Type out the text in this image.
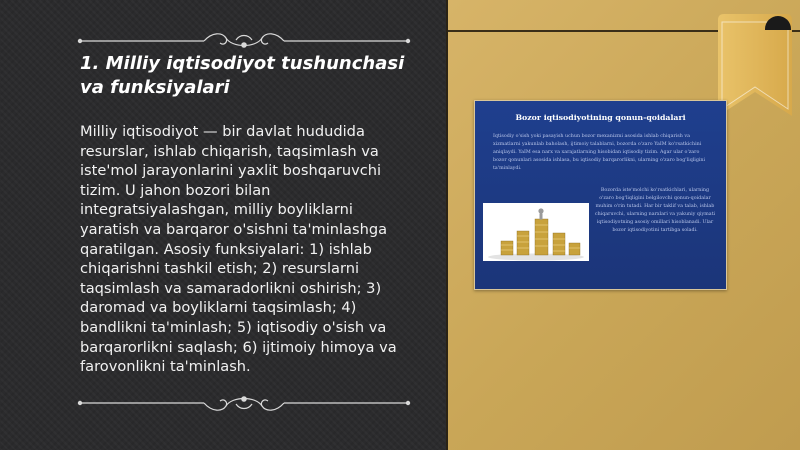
1. Milliy iqtisodiyot tushunchasi va funksiyalari

Milliy iqtisodiyot — bir davlat hududida resurslar, ishlab chiqarish, taqsimlash va iste'mol jarayonlarini yaxlit boshqaruvchi tizim. U jahon bozori bilan integratsiyalashgan, milliy boyliklarni yaratish va barqaror o'sishni ta'minlashga qaratilgan. Asosiy funksiyalari: 1) ishlab chiqarishni tashkil etish; 2) resurslarni taqsimlash va samaradorlikni oshirish; 3) daromad va boyliklarni taqsimlash; 4) bandlikni ta'minlash; 5) iqtisodiy o'sish va barqarorlikni saqlash; 6) ijtimoiy himoya va farovonlikni ta'minlash.

Bozor iqtisodiyotining qonun-qoidalari

Iqtisodiy o'sish yoki pasayish uchun bozor mexanizmi asosida ishlab chiqarish va xizmatlarni yakunlab baholash, ijtimoiy talablarni, bozorda o'zaro YaIM ko'rsatkichini aniqlaydi. YaIM esa narx va xarajatlarning hisobidan iqtisodiy tizim. Agar ular o'zaro bozor qonunlari asosida ishlasa, bu iqtisodiy barqarorlikni, ularning o'zaro bog'liqligini ta'minlaydi.

Bozorda iste'molchi ko'rsatkichlari, ularning o'zaro bog'liqligini belgilovchi qonun-qoidalar muhim o'rin tutadi. Har bir taklif va talab, ishlab chiqaruvchi, ularning narxlari va yakuniy qiymati iqtisodiyotning asosiy omillari hisoblanadi. Ular bozor iqtisodiyotini tartibga soladi.
